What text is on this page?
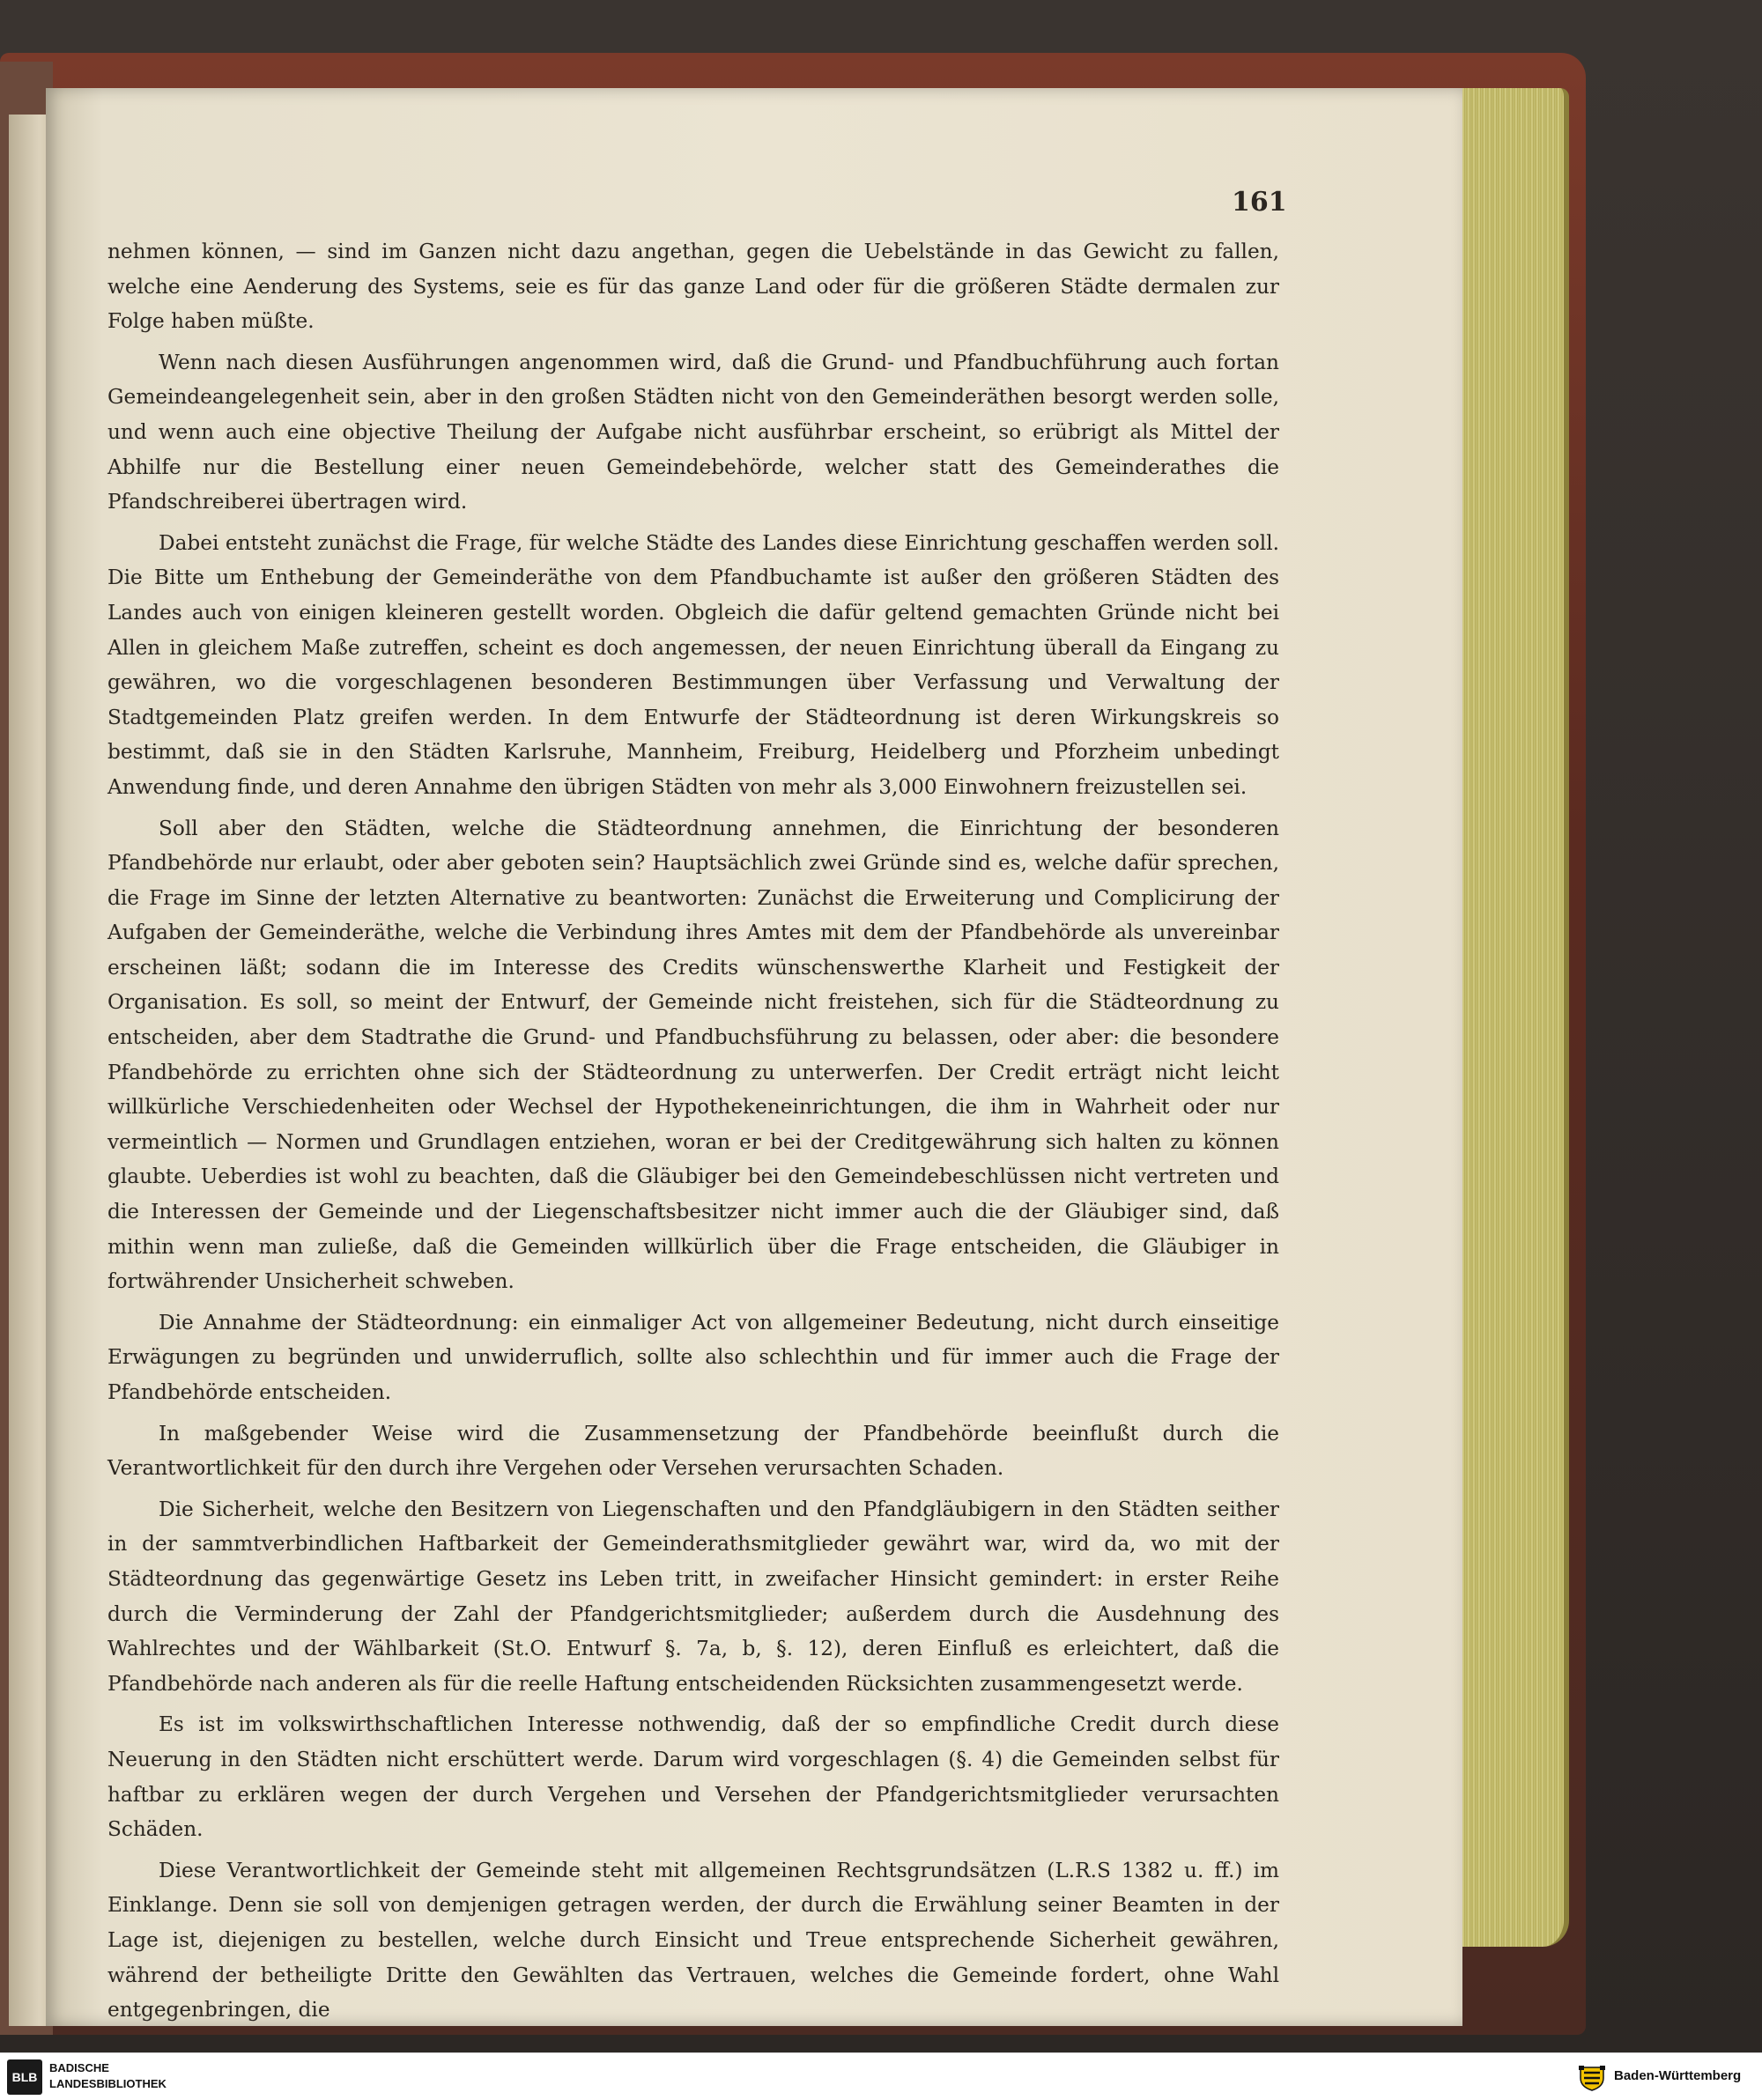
161

nehmen können, — sind im Ganzen nicht dazu angethan, gegen die Uebelstände in das Gewicht zu fallen, welche eine Aenderung des Systems, seie es für das ganze Land oder für die größeren Städte dermalen zur Folge haben müßte.

Wenn nach diesen Ausführungen angenommen wird, daß die Grund- und Pfandbuchführung auch fortan Gemeindeangelegenheit sein, aber in den großen Städten nicht von den Gemeinderäthen besorgt werden solle, und wenn auch eine objective Theilung der Aufgabe nicht ausführbar erscheint, so erübrigt als Mittel der Abhilfe nur die Bestellung einer neuen Gemeindebehörde, welcher statt des Gemeinderathes die Pfandschreiberei übertragen wird.

Dabei entsteht zunächst die Frage, für welche Städte des Landes diese Einrichtung geschaffen werden soll. Die Bitte um Enthebung der Gemeinderäthe von dem Pfandbuchamte ist außer den größeren Städten des Landes auch von einigen kleineren gestellt worden. Obgleich die dafür geltend gemachten Gründe nicht bei Allen in gleichem Maße zutreffen, scheint es doch angemessen, der neuen Einrichtung überall da Eingang zu gewähren, wo die vorgeschlagenen besonderen Bestimmungen über Verfassung und Verwaltung der Stadtgemeinden Platz greifen werden. In dem Entwurfe der Städteordnung ist deren Wirkungskreis so bestimmt, daß sie in den Städten Karlsruhe, Mannheim, Freiburg, Heidelberg und Pforzheim unbedingt Anwendung finde, und deren Annahme den übrigen Städten von mehr als 3,000 Einwohnern freizustellen sei.

Soll aber den Städten, welche die Städteordnung annehmen, die Einrichtung der besonderen Pfandbehörde nur erlaubt, oder aber geboten sein? Hauptsächlich zwei Gründe sind es, welche dafür sprechen, die Frage im Sinne der letzten Alternative zu beantworten: Zunächst die Erweiterung und Complicirung der Aufgaben der Gemeinderäthe, welche die Verbindung ihres Amtes mit dem der Pfandbehörde als unvereinbar erscheinen läßt; sodann die im Interesse des Credits wünschenswerthe Klarheit und Festigkeit der Organisation. Es soll, so meint der Entwurf, der Gemeinde nicht freistehen, sich für die Städteordnung zu entscheiden, aber dem Stadtrathe die Grund- und Pfandbuchsführung zu belassen, oder aber: die besondere Pfandbehörde zu errichten ohne sich der Städteordnung zu unterwerfen. Der Credit erträgt nicht leicht willkürliche Verschiedenheiten oder Wechsel der Hypothekeneinrichtungen, die ihm in Wahrheit oder nur vermeintlich — Normen und Grundlagen entziehen, woran er bei der Creditgewährung sich halten zu können glaubte. Ueberdies ist wohl zu beachten, daß die Gläubiger bei den Gemeindebeschlüssen nicht vertreten und die Interessen der Gemeinde und der Liegenschaftsbesitzer nicht immer auch die der Gläubiger sind, daß mithin wenn man zuließe, daß die Gemeinden willkürlich über die Frage entscheiden, die Gläubiger in fortwährender Unsicherheit schweben.

Die Annahme der Städteordnung: ein einmaliger Act von allgemeiner Bedeutung, nicht durch einseitige Erwägungen zu begründen und unwiderruflich, sollte also schlechthin und für immer auch die Frage der Pfandbehörde entscheiden.

In maßgebender Weise wird die Zusammensetzung der Pfandbehörde beeinflußt durch die Verantwortlichkeit für den durch ihre Vergehen oder Versehen verursachten Schaden.

Die Sicherheit, welche den Besitzern von Liegenschaften und den Pfandgläubigern in den Städten seither in der sammtverbindlichen Haftbarkeit der Gemeinderathsmitglieder gewährt war, wird da, wo mit der Städteordnung das gegenwärtige Gesetz ins Leben tritt, in zweifacher Hinsicht gemindert: in erster Reihe durch die Verminderung der Zahl der Pfandgerichtsmitglieder; außerdem durch die Ausdehnung des Wahlrechtes und der Wählbarkeit (St.O. Entwurf §. 7a, b, §. 12), deren Einfluß es erleichtert, daß die Pfandbehörde nach anderen als für die reelle Haftung entscheidenden Rücksichten zusammengesetzt werde.

Es ist im volkswirthschaftlichen Interesse nothwendig, daß der so empfindliche Credit durch diese Neuerung in den Städten nicht erschüttert werde. Darum wird vorgeschlagen (§. 4) die Gemeinden selbst für haftbar zu erklären wegen der durch Vergehen und Versehen der Pfandgerichtsmitglieder verursachten Schäden.

Diese Verantwortlichkeit der Gemeinde steht mit allgemeinen Rechtsgrundsätzen (L.R.S 1382 u. ff.) im Einklange. Denn sie soll von demjenigen getragen werden, der durch die Erwählung seiner Beamten in der Lage ist, diejenigen zu bestellen, welche durch Einsicht und Treue entsprechende Sicherheit gewähren, während der betheiligte Dritte den Gewählten das Vertrauen, welches die Gemeinde fordert, ohne Wahl entgegenbringen, die

BLB
BADISCHE
LANDESBIBLIOTHEK
Baden-Württemberg
